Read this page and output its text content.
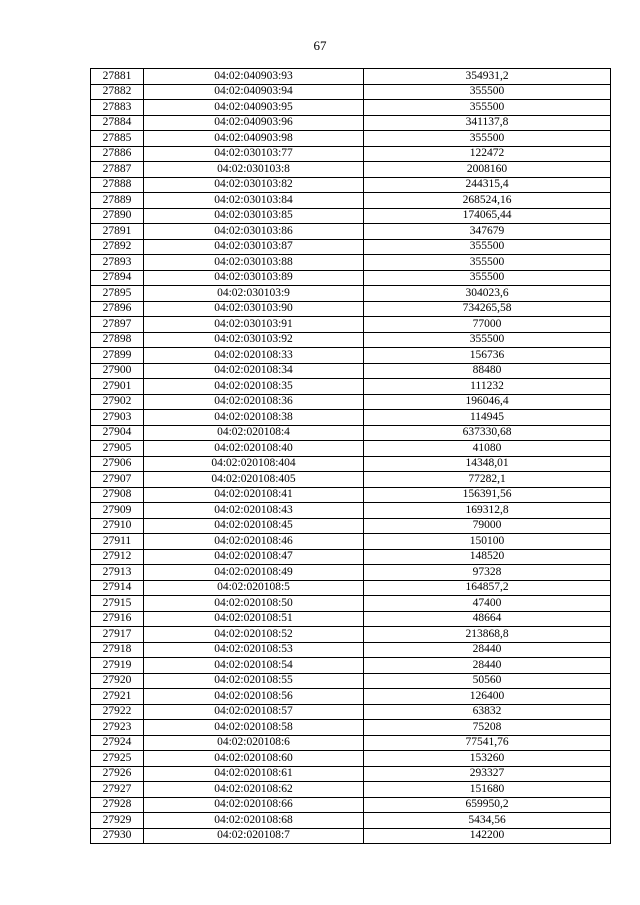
67
27881	04:02:040903:93	354931,2
27882	04:02:040903:94	355500
27883	04:02:040903:95	355500
27884	04:02:040903:96	341137,8
27885	04:02:040903:98	355500
27886	04:02:030103:77	122472
27887	04:02:030103:8	2008160
27888	04:02:030103:82	244315,4
27889	04:02:030103:84	268524,16
27890	04:02:030103:85	174065,44
27891	04:02:030103:86	347679
27892	04:02:030103:87	355500
27893	04:02:030103:88	355500
27894	04:02:030103:89	355500
27895	04:02:030103:9	304023,6
27896	04:02:030103:90	734265,58
27897	04:02:030103:91	77000
27898	04:02:030103:92	355500
27899	04:02:020108:33	156736
27900	04:02:020108:34	88480
27901	04:02:020108:35	111232
27902	04:02:020108:36	196046,4
27903	04:02:020108:38	114945
27904	04:02:020108:4	637330,68
27905	04:02:020108:40	41080
27906	04:02:020108:404	14348,01
27907	04:02:020108:405	77282,1
27908	04:02:020108:41	156391,56
27909	04:02:020108:43	169312,8
27910	04:02:020108:45	79000
27911	04:02:020108:46	150100
27912	04:02:020108:47	148520
27913	04:02:020108:49	97328
27914	04:02:020108:5	164857,2
27915	04:02:020108:50	47400
27916	04:02:020108:51	48664
27917	04:02:020108:52	213868,8
27918	04:02:020108:53	28440
27919	04:02:020108:54	28440
27920	04:02:020108:55	50560
27921	04:02:020108:56	126400
27922	04:02:020108:57	63832
27923	04:02:020108:58	75208
27924	04:02:020108:6	77541,76
27925	04:02:020108:60	153260
27926	04:02:020108:61	293327
27927	04:02:020108:62	151680
27928	04:02:020108:66	659950,2
27929	04:02:020108:68	5434,56
27930	04:02:020108:7	142200
